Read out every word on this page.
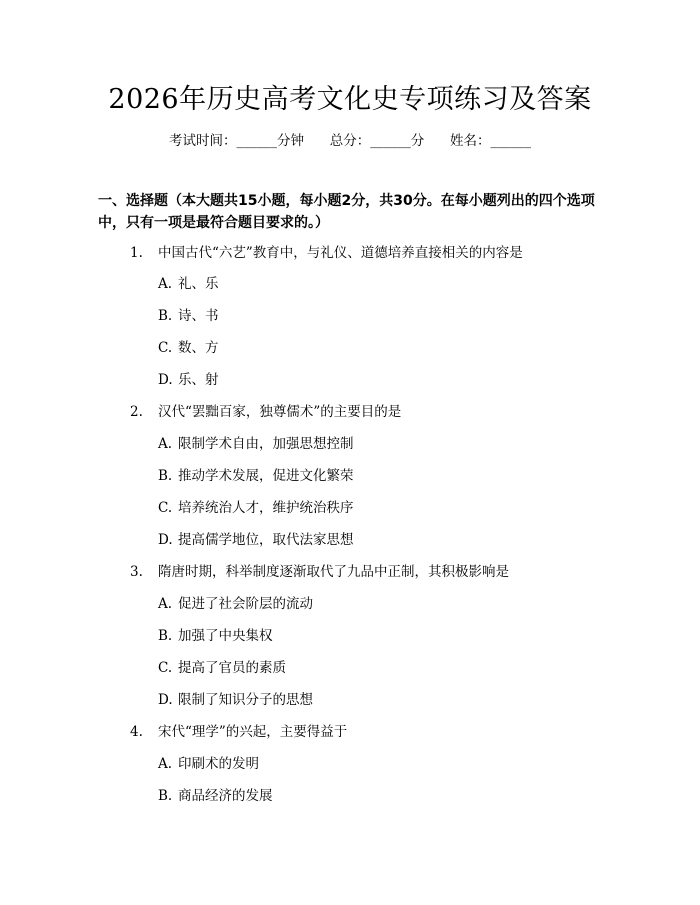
2026年历史高考文化史专项练习及答案
考试时间：______分钟      总分：______分      姓名：______
一、选择题（本大题共15小题，每小题2分，共30分。在每小题列出的四个选项中，只有一项是最符合题目要求的。）
1. 中国古代“六艺”教育中，与礼仪、道德培养直接相关的内容是
A. 礼、乐
B. 诗、书
C. 数、方
D. 乐、射
2. 汉代“罢黜百家，独尊儒术”的主要目的是
A. 限制学术自由，加强思想控制
B. 推动学术发展，促进文化繁荣
C. 培养统治人才，维护统治秩序
D. 提高儒学地位，取代法家思想
3. 隋唐时期，科举制度逐渐取代了九品中正制，其积极影响是
A. 促进了社会阶层的流动
B. 加强了中央集权
C. 提高了官员的素质
D. 限制了知识分子的思想
4. 宋代“理学”的兴起，主要得益于
A. 印刷术的发明
B. 商品经济的发展
